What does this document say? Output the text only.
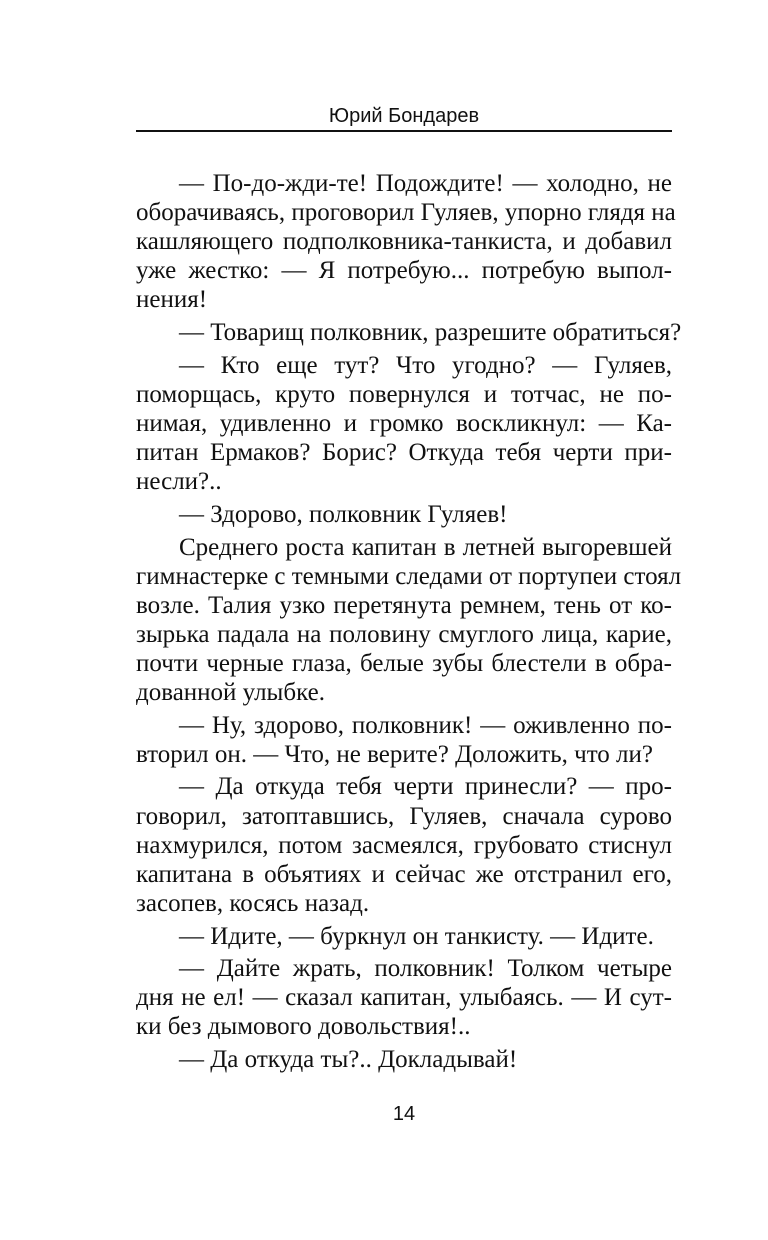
Юрий Бондарев
— По-до-жди-те! Подождите! — холодно, не
оборачиваясь, проговорил Гуляев, упорно глядя на
кашляющего подполковника-танкиста, и добавил
уже жестко: — Я потребую... потребую выпол-
нения!
— Товарищ полковник, разрешите обратиться?
— Кто еще тут? Что угодно? — Гуляев,
поморщась, круто повернулся и тотчас, не по-
нимая, удивленно и громко воскликнул: — Ка-
питан Ермаков? Борис? Откуда тебя черти при-
несли?..
— Здорово, полковник Гуляев!
Среднего роста капитан в летней выгоревшей
гимнастерке с темными следами от портупеи стоял
возле. Талия узко перетянута ремнем, тень от ко-
зырька падала на половину смуглого лица, карие,
почти черные глаза, белые зубы блестели в обра-
дованной улыбке.
— Ну, здорово, полковник! — оживленно по-
вторил он. — Что, не верите? Доложить, что ли?
— Да откуда тебя черти принесли? — про-
говорил, затоптавшись, Гуляев, сначала сурово
нахмурился, потом засмеялся, грубовато стиснул
капитана в объятиях и сейчас же отстранил его,
засопев, косясь назад.
— Идите, — буркнул он танкисту. — Идите.
— Дайте жрать, полковник! Толком четыре
дня не ел! — сказал капитан, улыбаясь. — И сут-
ки без дымового довольствия!..
— Да откуда ты?.. Докладывай!
14
